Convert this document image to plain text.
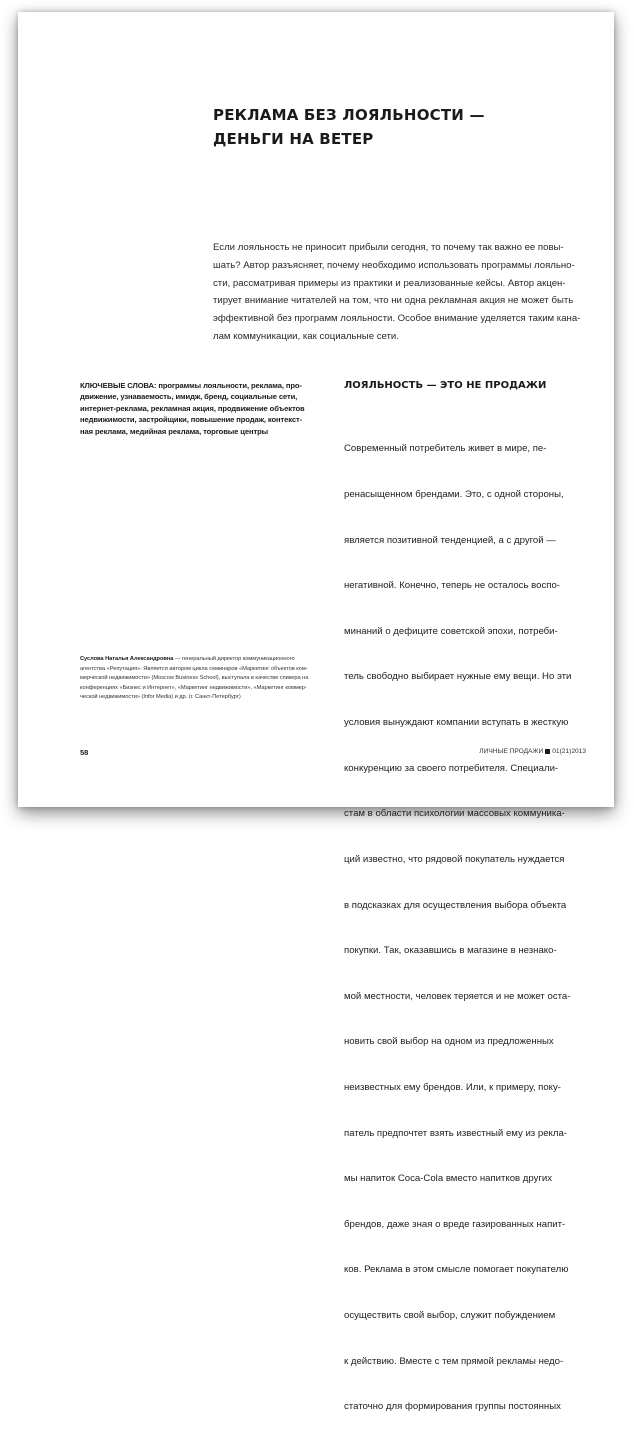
РЕКЛАМА БЕЗ ЛОЯЛЬНОСТИ —
ДЕНЬГИ НА ВЕТЕР
Если лояльность не приносит прибыли сегодня, то почему так важно ее повы-
шать? Автор разъясняет, почему необходимо использовать программы лояльно-
сти, рассматривая примеры из практики и реализованные кейсы. Автор акцен-
тирует внимание читателей на том, что ни одна рекламная акция не может быть
эффективной без программ лояльности. Особое внимание уделяется таким кана-
лам коммуникации, как социальные сети.
КЛЮЧЕВЫЕ СЛОВА: программы лояльности, реклама, про-
движение, узнаваемость, имидж, бренд, социальные сети,
интернет-реклама, рекламная акция, продвижение объектов
недвижимости, застройщики, повышение продаж, контекст-
ная реклама, медийная реклама, торговые центры
Суслова Наталья Александровна — генеральный директор коммуникационного
агентства «Репутация». Является автором цикла семинаров «Маркетинг объектов ком-
мерческой недвижимости» (Moscow Business School), выступала в качестве спикера на
конференциях «Бизнес и Интернет», «Маркетинг недвижимости», «Маркетинг коммер-
ческой недвижимости» (Infor Media) и др. (г. Санкт-Петербург)
ЛОЯЛЬНОСТЬ — ЭТО НЕ ПРОДАЖИ

Современный потребитель живет в мире, пе-

ренасыщенном брендами. Это, с одной стороны,

является позитивной тенденцией, а с другой —

негативной. Конечно, теперь не осталось воспо-

минаний о дефиците советской эпохи, потреби-

тель свободно выбирает нужные ему вещи. Но эти

условия вынуждают компании вступать в жесткую

конкуренцию за своего потребителя. Специали-

стам в области психологии массовых коммуника-

ций известно, что рядовой покупатель нуждается

в подсказках для осуществления выбора объекта

покупки. Так, оказавшись в магазине в незнако-

мой местности, человек теряется и не может оста-

новить свой выбор на одном из предложенных

неизвестных ему брендов. Или, к примеру, поку-

патель предпочтет взять известный ему из рекла-

мы напиток Coca-Cola вместо напитков других

брендов, даже зная о вреде газированных напит-

ков. Реклама в этом смысле помогает покупателю

осуществить свой выбор, служит побуждением

к действию. Вместе с тем прямой рекламы недо-

статочно для формирования группы постоянных

58	ЛИЧНЫЕ ПРОДАЖИ 01(21)2013
